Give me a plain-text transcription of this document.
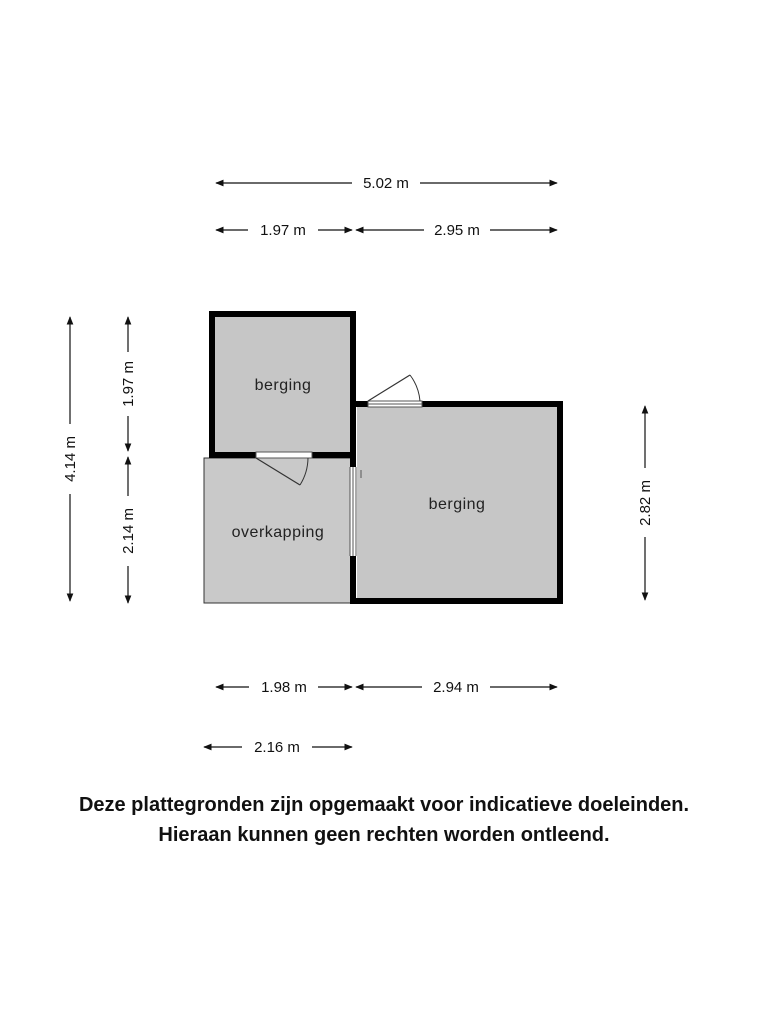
5.02 m
1.97 m	2.95 m
4.14 m
1.97 m
2.14 m
2.82 m
berging
berging
overkapping
1.98 m	2.94 m
2.16 m
Deze plattegronden zijn opgemaakt voor indicatieve doeleinden.
Hieraan kunnen geen rechten worden ontleend.
